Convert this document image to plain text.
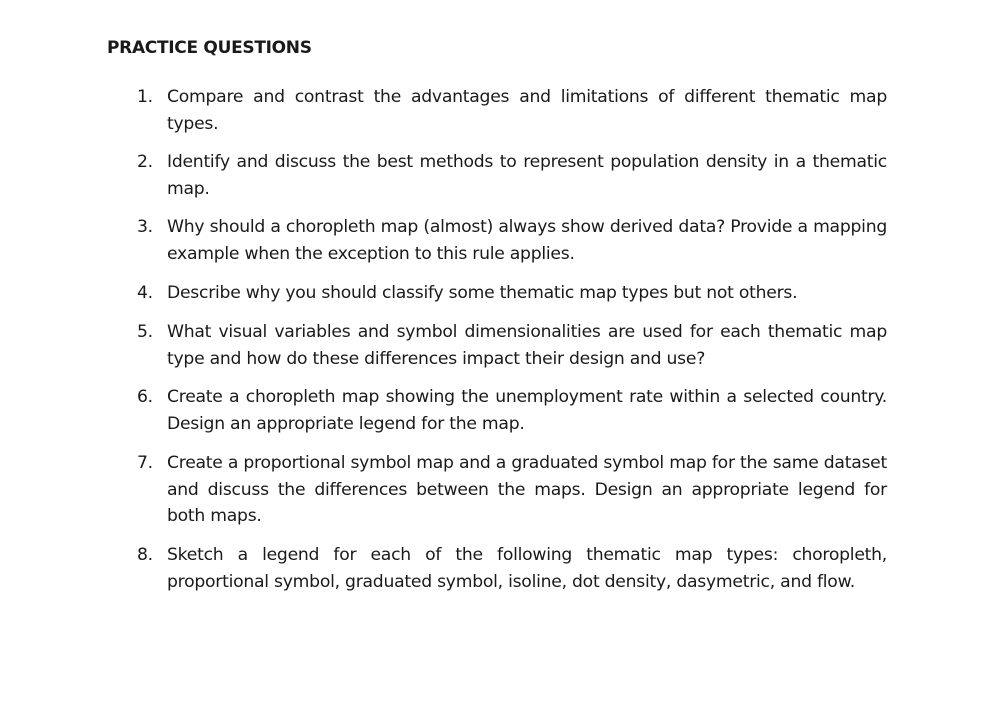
PRACTICE QUESTIONS
1. Compare and contrast the advantages and limitations of different thematic map types.
2. Identify and discuss the best methods to represent population density in a thematic map.
3. Why should a choropleth map (almost) always show derived data? Provide a mapping example when the exception to this rule applies.
4. Describe why you should classify some thematic map types but not others.
5. What visual variables and symbol dimensionalities are used for each thematic map type and how do these differences impact their design and use?
6. Create a choropleth map showing the unemployment rate within a selected country. Design an appropriate legend for the map.
7. Create a proportional symbol map and a graduated symbol map for the same dataset and discuss the differences between the maps. Design an appropriate legend for both maps.
8. Sketch a legend for each of the following thematic map types: choropleth, proportional symbol, graduated symbol, isoline, dot density, dasymetric, and flow.
